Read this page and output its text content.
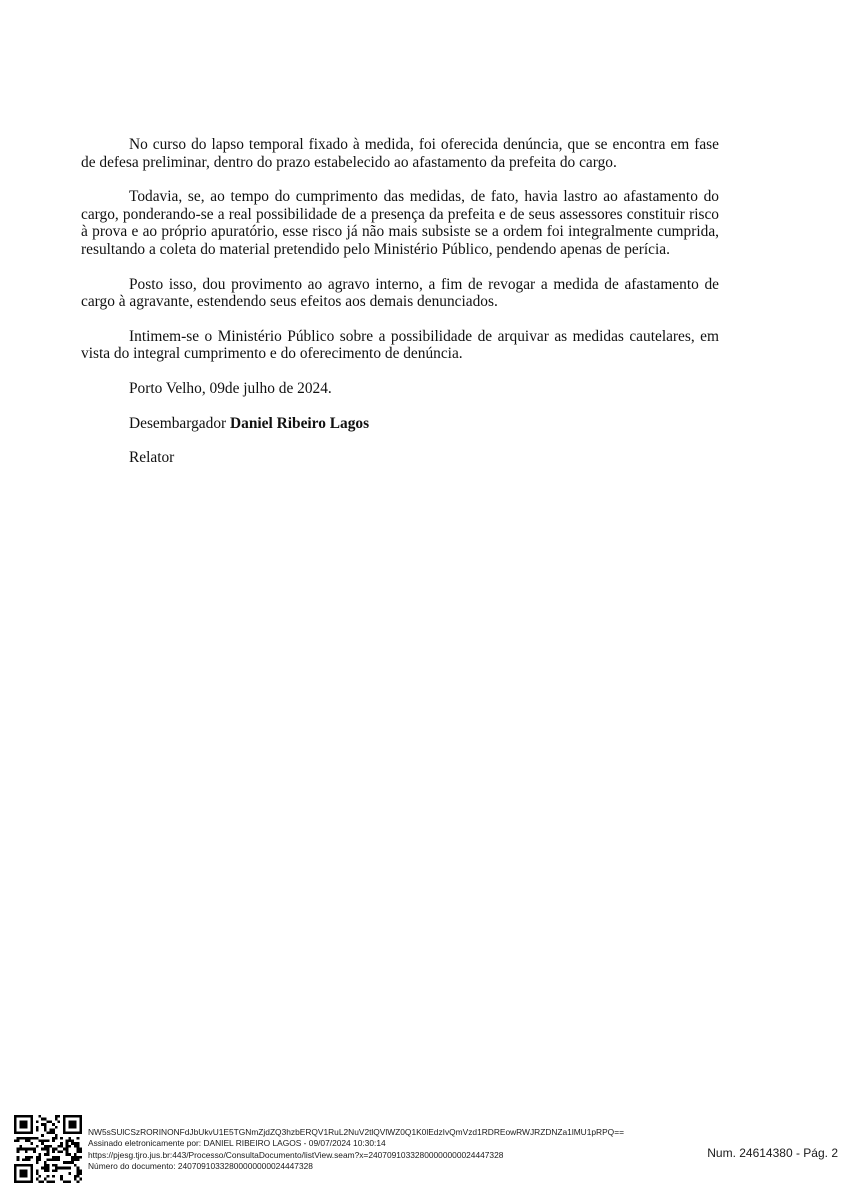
No curso do lapso temporal fixado à medida, foi oferecida denúncia, que se encontra em fase de defesa preliminar, dentro do prazo estabelecido ao afastamento da prefeita do cargo.

Todavia, se, ao tempo do cumprimento das medidas, de fato, havia lastro ao afastamento do cargo, ponderando-se a real possibilidade de a presença da prefeita e de seus assessores constituir risco à prova e ao próprio apuratório, esse risco já não mais subsiste se a ordem foi integralmente cumprida, resultando a coleta do material pretendido pelo Ministério Público, pendendo apenas de perícia.

Posto isso, dou provimento ao agravo interno, a fim de revogar a medida de afastamento de cargo à agravante, estendendo seus efeitos aos demais denunciados.

Intimem-se o Ministério Público sobre a possibilidade de arquivar as medidas cautelares, em vista do integral cumprimento e do oferecimento de denúncia.

Porto Velho, 09de julho de 2024.

Desembargador Daniel Ribeiro Lagos

Relator

NW5sSUlCSzRORINONFdJbUkvU1E5TGNmZjdZQ3hzbERQV1RuL2NuV2tlQVlWZ0Q1K0lEdzIvQmVzd1RDREowRWJRZDNZa1lMU1pRPQ==
Assinado eletronicamente por: DANIEL RIBEIRO LAGOS - 09/07/2024 10:30:14
https://pjesg.tjro.jus.br:443/Processo/ConsultaDocumento/listView.seam?x=24070910332800000000024447328
Número do documento: 24070910332800000000024447328
Num. 24614380 - Pág. 2
